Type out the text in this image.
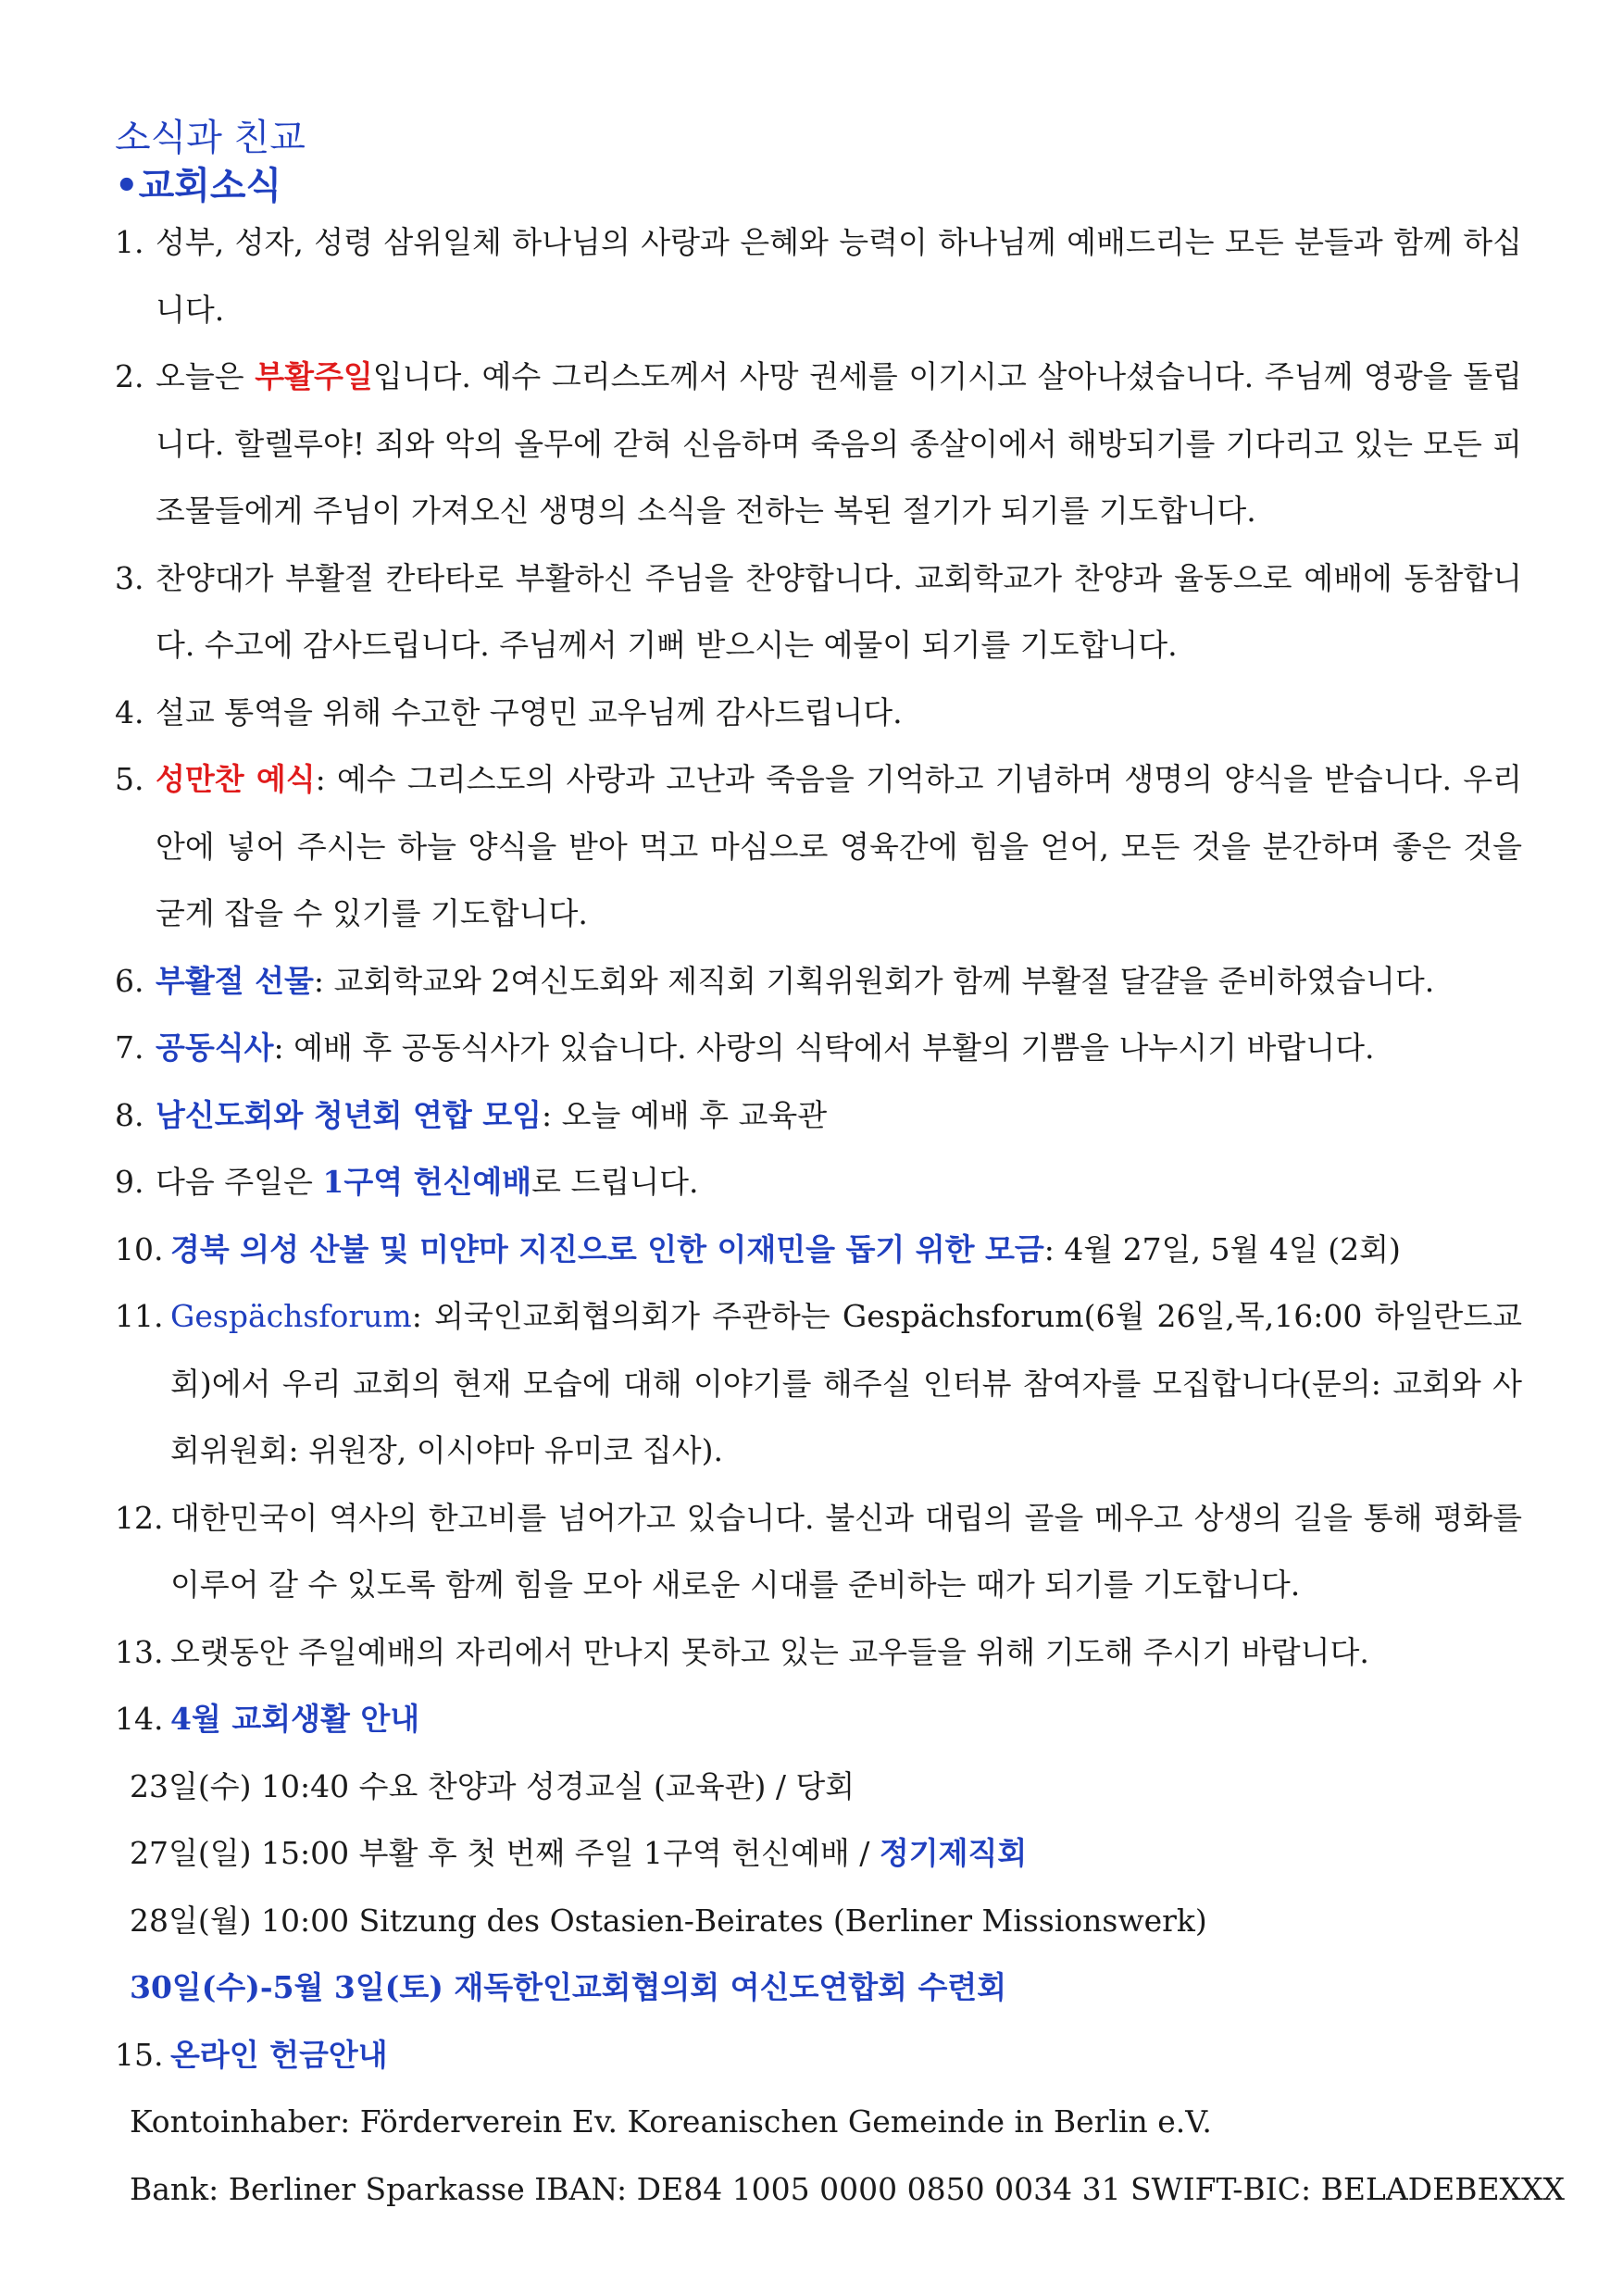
소식과 친교
•교회소식
1. 성부, 성자, 성령 삼위일체 하나님의 사랑과 은혜와 능력이 하나님께 예배드리는 모든 분들과 함께 하십니다.
2. 오늘은 부활주일입니다. 예수 그리스도께서 사망 권세를 이기시고 살아나셨습니다. 주님께 영광을 돌립니다. 할렐루야! 죄와 악의 올무에 갇혀 신음하며 죽음의 종살이에서 해방되기를 기다리고 있는 모든 피조물들에게 주님이 가져오신 생명의 소식을 전하는 복된 절기가 되기를 기도합니다.
3. 찬양대가 부활절 칸타타로 부활하신 주님을 찬양합니다. 교회학교가 찬양과 율동으로 예배에 동참합니다. 수고에 감사드립니다. 주님께서 기뻐 받으시는 예물이 되기를 기도합니다.
4. 설교 통역을 위해 수고한 구영민 교우님께 감사드립니다.
5. 성만찬 예식: 예수 그리스도의 사랑과 고난과 죽음을 기억하고 기념하며 생명의 양식을 받습니다. 우리 안에 넣어 주시는 하늘 양식을 받아 먹고 마심으로 영육간에 힘을 얻어, 모든 것을 분간하며 좋은 것을 굳게 잡을 수 있기를 기도합니다.
6. 부활절 선물: 교회학교와 2여신도회와 제직회 기획위원회가 함께 부활절 달걀을 준비하였습니다.
7. 공동식사: 예배 후 공동식사가 있습니다. 사랑의 식탁에서 부활의 기쁨을 나누시기 바랍니다.
8. 남신도회와 청년회 연합 모임: 오늘 예배 후 교육관
9. 다음 주일은 1구역 헌신예배로 드립니다.
10. 경북 의성 산불 및 미얀마 지진으로 인한 이재민을 돕기 위한 모금: 4월 27일, 5월 4일 (2회)
11. Gespächsforum: 외국인교회협의회가 주관하는 Gespächsforum(6월 26일,목,16:00 하일란드교회)에서 우리 교회의 현재 모습에 대해 이야기를 해주실 인터뷰 참여자를 모집합니다(문의: 교회와 사회위원회: 위원장, 이시야마 유미코 집사).
12. 대한민국이 역사의 한고비를 넘어가고 있습니다. 불신과 대립의 골을 메우고 상생의 길을 통해 평화를 이루어 갈 수 있도록 함께 힘을 모아 새로운 시대를 준비하는 때가 되기를 기도합니다.
13. 오랫동안 주일예배의 자리에서 만나지 못하고 있는 교우들을 위해 기도해 주시기 바랍니다.
14. 4월 교회생활 안내
23일(수) 10:40 수요 찬양과 성경교실 (교육관) / 당회
27일(일) 15:00 부활 후 첫 번째 주일 1구역 헌신예배 / 정기제직회
28일(월) 10:00 Sitzung des Ostasien-Beirates (Berliner Missionswerk)
30일(수)-5월 3일(토) 재독한인교회협의회 여신도연합회 수련회
15. 온라인 헌금안내
Kontoinhaber: Förderverein Ev. Koreanischen Gemeinde in Berlin e.V.
Bank: Berliner Sparkasse IBAN: DE84 1005 0000 0850 0034 31 SWIFT-BIC: BELADEBEXXX
